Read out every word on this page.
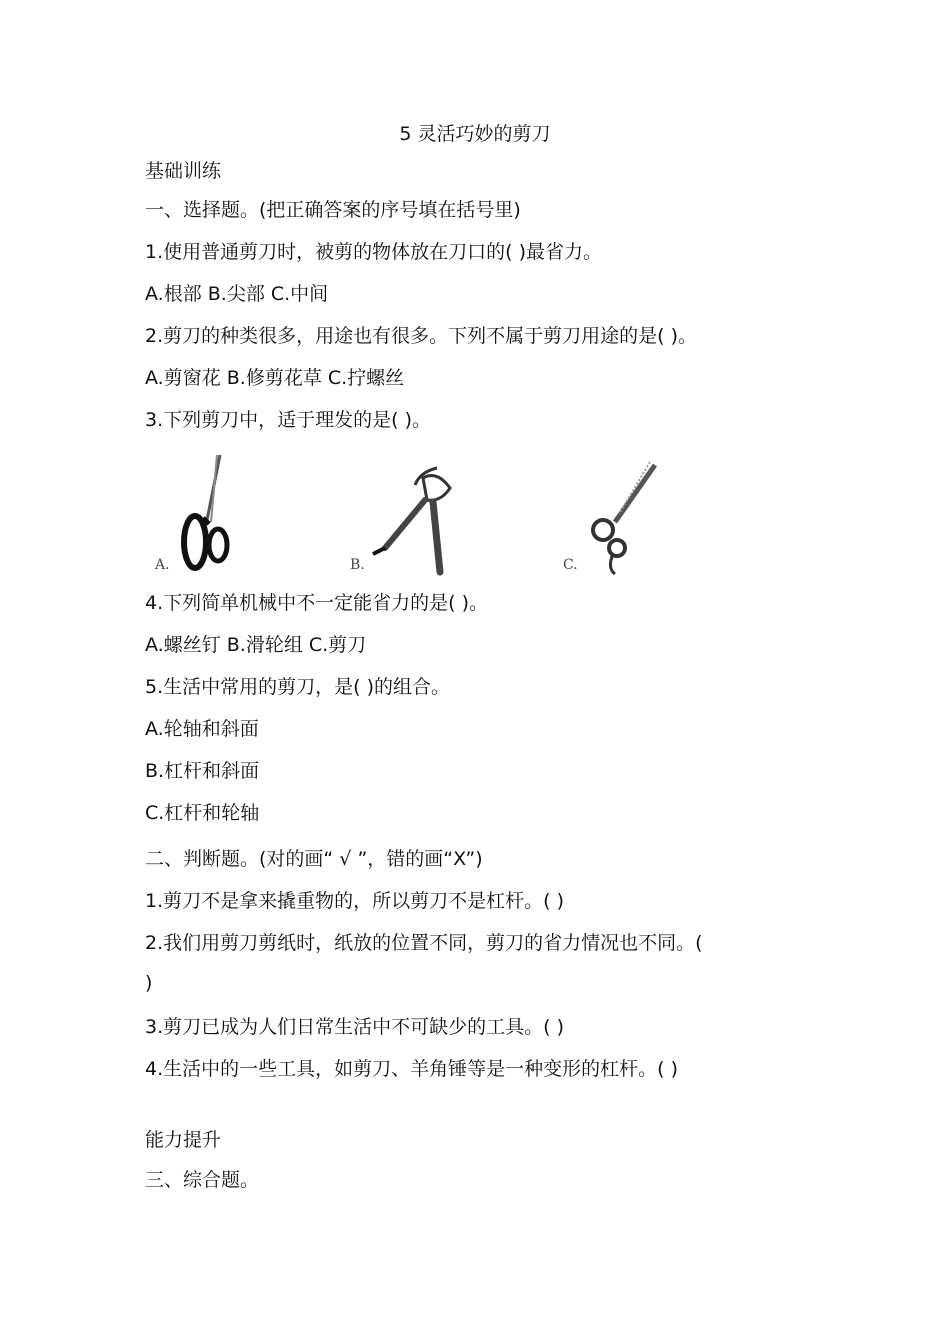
5 灵活巧妙的剪刀
基础训练
一、选择题。(把正确答案的序号填在括号里)
1.使用普通剪刀时，被剪的物体放在刀口的( )最省力。
A.根部 B.尖部 C.中间
2.剪刀的种类很多，用途也有很多。下列不属于剪刀用途的是( )。
A.剪窗花 B.修剪花草 C.拧螺丝
3.下列剪刀中，适于理发的是( )。
A.	B.	C.
4.下列简单机械中不一定能省力的是( )。
A.螺丝钉 B.滑轮组 C.剪刀
5.生活中常用的剪刀，是( )的组合。
A.轮轴和斜面
B.杠杆和斜面
C.杠杆和轮轴
二、判断题。(对的画“ √ ”，错的画“X”)
1.剪刀不是拿来撬重物的，所以剪刀不是杠杆。( )
2.我们用剪刀剪纸时，纸放的位置不同，剪刀的省力情况也不同。(
)
3.剪刀已成为人们日常生活中不可缺少的工具。( )
4.生活中的一些工具，如剪刀、羊角锤等是一种变形的杠杆。( )
能力提升
三、综合题。
